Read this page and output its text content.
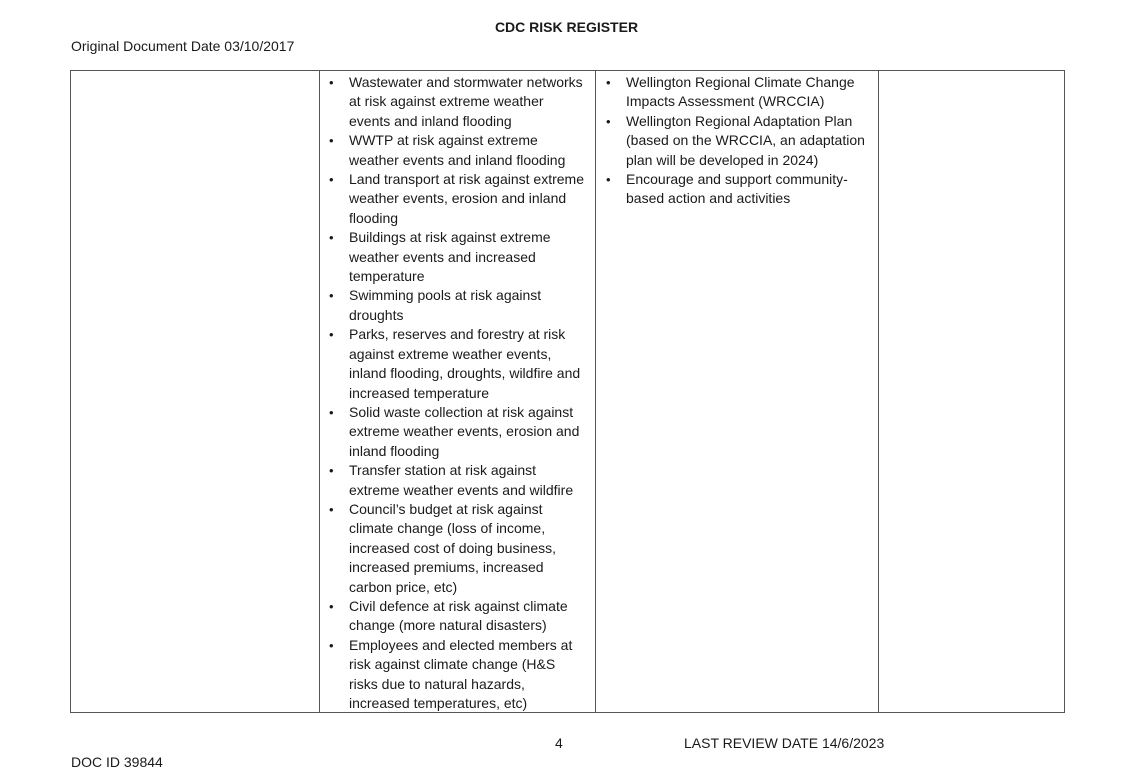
CDC RISK REGISTER
Original Document Date 03/10/2017
• Wastewater and stormwater networks at risk against extreme weather events and inland flooding
• WWTP at risk against extreme weather events and inland flooding
• Land transport at risk against extreme weather events, erosion and inland flooding
• Buildings at risk against extreme weather events and increased temperature
• Swimming pools at risk against droughts
• Parks, reserves and forestry at risk against extreme weather events, inland flooding, droughts, wildfire and increased temperature
• Solid waste collection at risk against extreme weather events, erosion and inland flooding
• Transfer station at risk against extreme weather events and wildfire
• Council’s budget at risk against climate change (loss of income, increased cost of doing business, increased premiums, increased carbon price, etc)
• Civil defence at risk against climate change (more natural disasters)
• Employees and elected members at risk against climate change (H&S risks due to natural hazards, increased temperatures, etc)
• Wellington Regional Climate Change Impacts Assessment (WRCCIA)
• Wellington Regional Adaptation Plan (based on the WRCCIA, an adaptation plan will be developed in 2024)
• Encourage and support community-based action and activities
4	LAST REVIEW DATE 14/6/2023
DOC ID 39844
